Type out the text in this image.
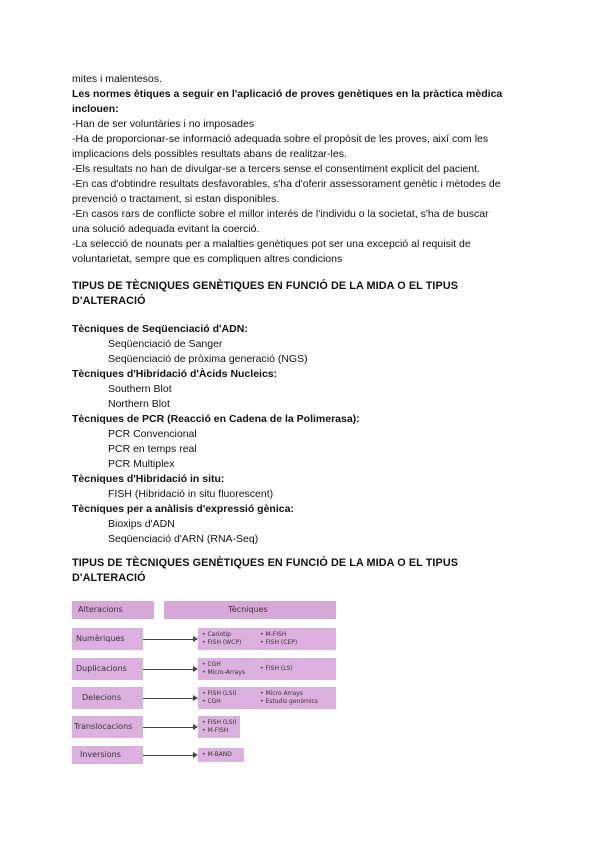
mites i malentesos.

Les normes ètiques a seguir en l'aplicació de proves genètiques en la pràctica mèdica inclouen:

-Han de ser voluntàries i no imposades

-Ha de proporcionar-se informació adequada sobre el propòsit de les proves, així com les

implicacions dels possibles resultats abans de realitzar-les.

-Els resultats no han de divulgar-se a tercers sense el consentiment explícit del pacient.

-En cas d'obtindre resultats desfavorables, s'ha d'oferir assessorament genètic i mètodes de

prevenció o tractament, si estan disponibles.

-En casos rars de conflicte sobre el millor interés de l'individu o la societat, s'ha de buscar

una solució adequada evitant la coerció.

-La selecció de nounats per a malalties genètiques pot ser una excepció al requisit de

voluntarietat, sempre que es compliquen altres condicions

TIPUS DE TÈCNIQUES GENÈTIQUES EN FUNCIÓ DE LA MIDA O EL TIPUS

D'ALTERACIÓ

Tècniques de Seqüenciació d'ADN:

Seqüenciació de Sanger

Seqüenciació de pròxima generació (NGS)

Tècniques d'Hibridació d'Àcids Nucleics:

Southern Blot

Northern Blot

Tècniques de PCR (Reacció en Cadena de la Polimerasa):

PCR Convencional

PCR en temps real

PCR Multiplex

Tècniques d'Hibridació in situ:

FISH (Hibridació in situ fluorescent)

Tècniques per a anàlisis d'expressió gènica:

Bioxips d'ADN

Seqüenciació d'ARN (RNA-Seq)

TIPUS DE TÈCNIQUES GENÈTIQUES EN FUNCIÓ DE LA MIDA O EL TIPUS

D'ALTERACIÓ

Alteracions	Tècniques
Numèriques	• Cariotip
• FISH (WCP)
• M-FISH
• FISH (CEP)
Duplicacions	• CGH
• Micro-Arrays
• FISH (LS)
Delecions	• FISH (LSI)
• CGH
• Micro Arrays
• Estudis genòmics
Translocacions	• FISH (LSI)
• M-FISH
Inversions	• M-BAND
